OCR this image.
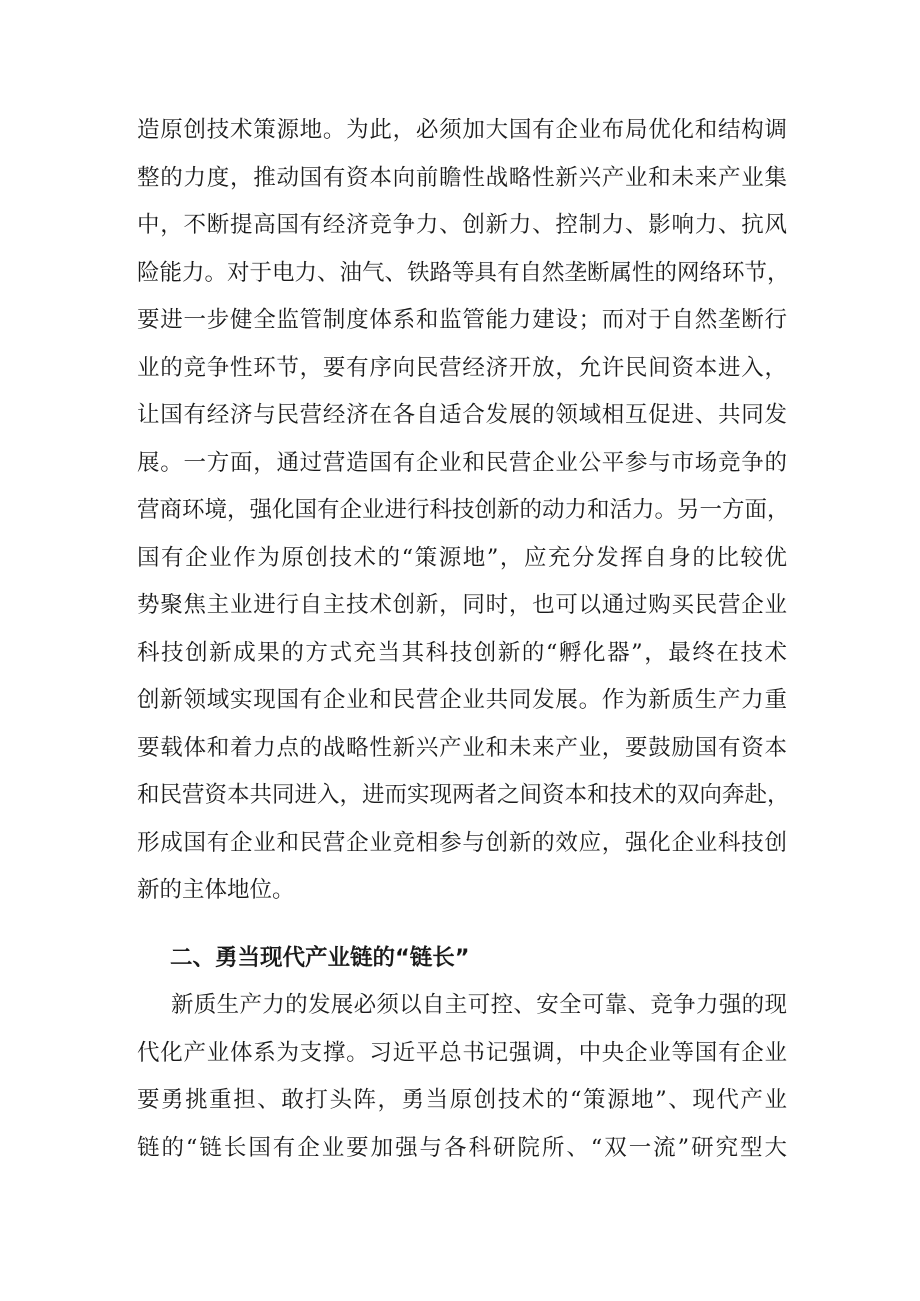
造原创技术策源地。为此，必须加大国有企业布局优化和结构调
整的力度，推动国有资本向前瞻性战略性新兴产业和未来产业集
中，不断提高国有经济竞争力、创新力、控制力、影响力、抗风
险能力。对于电力、油气、铁路等具有自然垄断属性的网络环节，
要进一步健全监管制度体系和监管能力建设；而对于自然垄断行
业的竞争性环节，要有序向民营经济开放，允许民间资本进入，
让国有经济与民营经济在各自适合发展的领域相互促进、共同发
展。一方面，通过营造国有企业和民营企业公平参与市场竞争的
营商环境，强化国有企业进行科技创新的动力和活力。另一方面，
国有企业作为原创技术的“策源地”，应充分发挥自身的比较优
势聚焦主业进行自主技术创新，同时，也可以通过购买民营企业
科技创新成果的方式充当其科技创新的“孵化器”，最终在技术
创新领域实现国有企业和民营企业共同发展。作为新质生产力重
要载体和着力点的战略性新兴产业和未来产业，要鼓励国有资本
和民营资本共同进入，进而实现两者之间资本和技术的双向奔赴，
形成国有企业和民营企业竞相参与创新的效应，强化企业科技创
新的主体地位。
二、勇当现代产业链的“链长”
新质生产力的发展必须以自主可控、安全可靠、竞争力强的现
代化产业体系为支撑。习近平总书记强调，中央企业等国有企业
要勇挑重担、敢打头阵，勇当原创技术的“策源地”、现代产业
链的“链长国有企业要加强与各科研院所、“双一流”研究型大
